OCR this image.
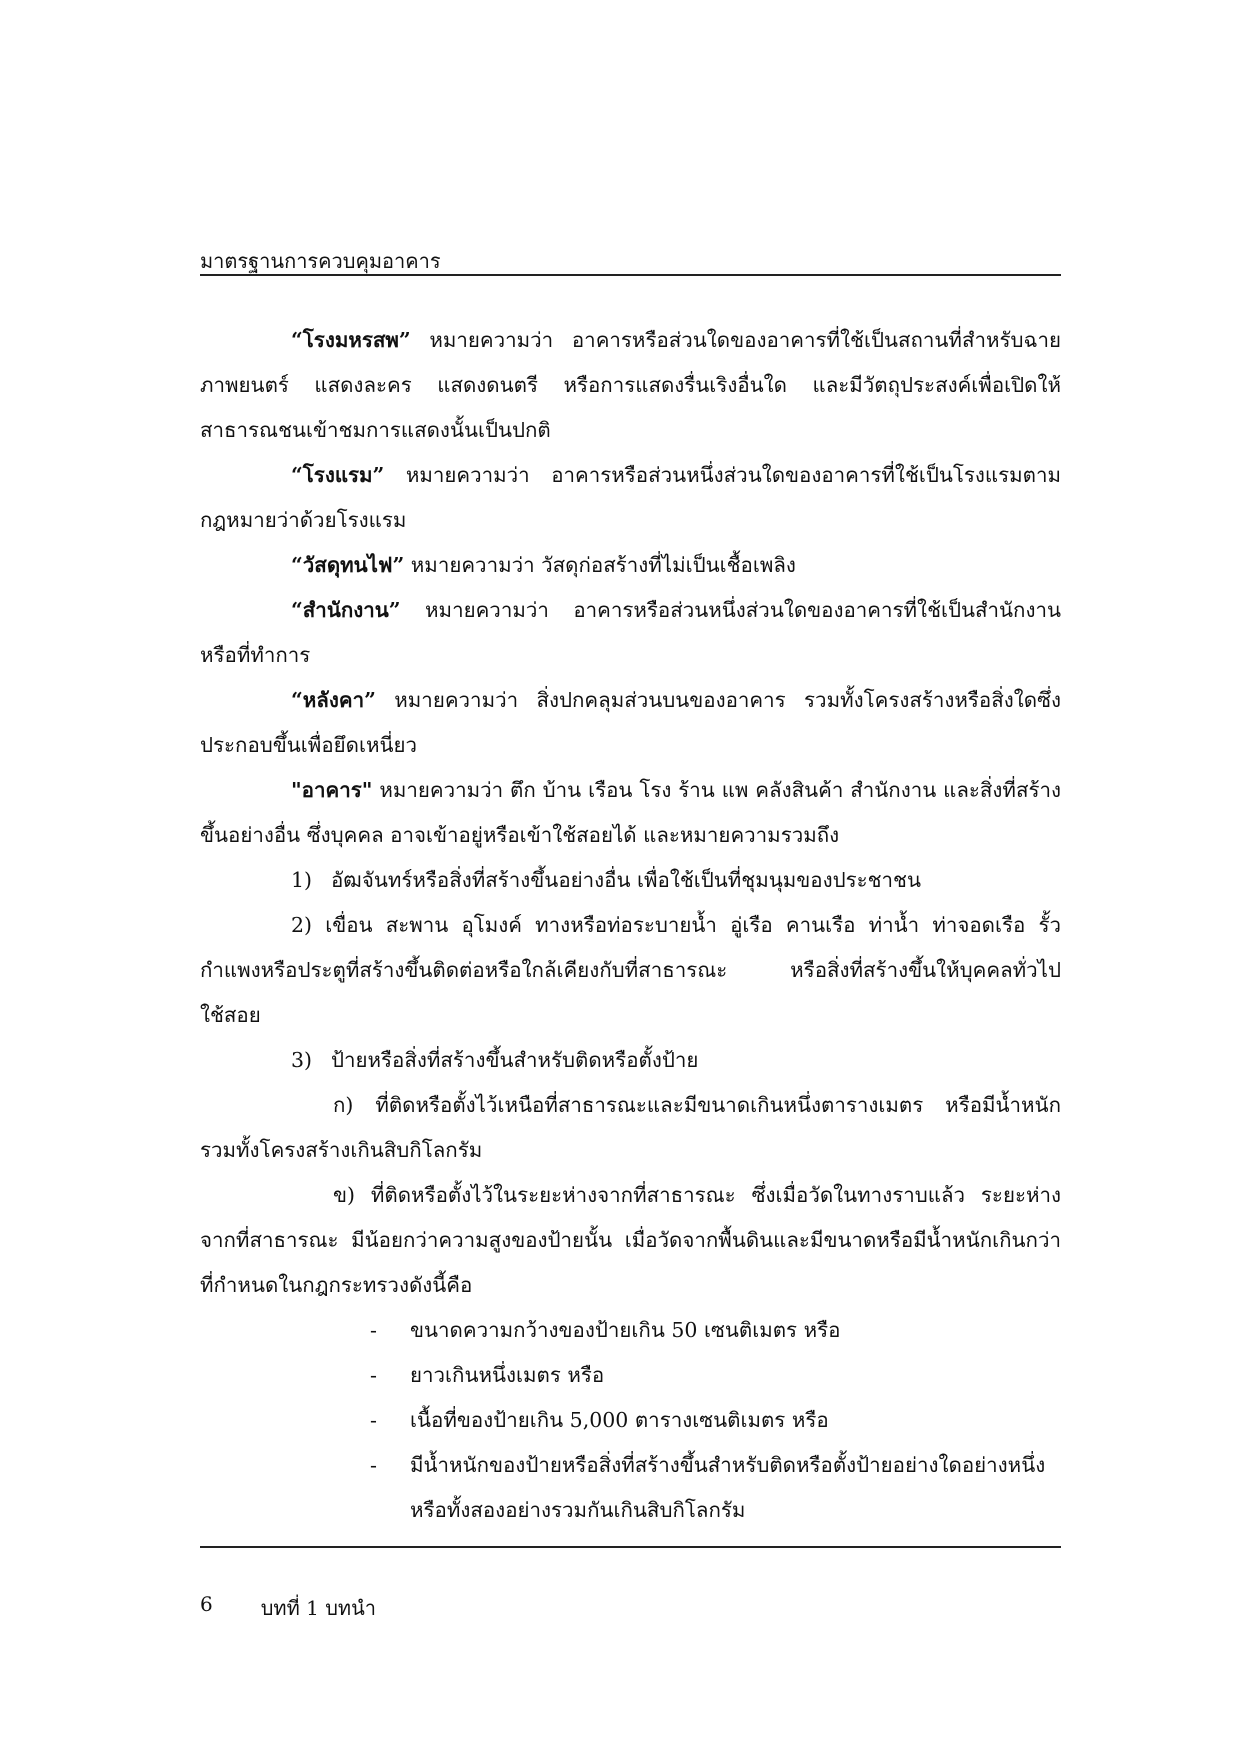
มาตรฐานการควบคุมอาคาร

“โรงมหรสพ” หมายความว่า อาคารหรือส่วนใดของอาคารที่ใช้เป็นสถานที่สำหรับฉายภาพยนตร์ แสดงละคร แสดงดนตรี หรือการแสดงรื่นเริงอื่นใด และมีวัตถุประสงค์เพื่อเปิดให้สาธารณชนเข้าชมการแสดงนั้นเป็นปกติ

“โรงแรม” หมายความว่า อาคารหรือส่วนหนึ่งส่วนใดของอาคารที่ใช้เป็นโรงแรมตามกฎหมายว่าด้วยโรงแรม

“วัสดุทนไฟ” หมายความว่า วัสดุก่อสร้างที่ไม่เป็นเชื้อเพลิง

“สำนักงาน” หมายความว่า อาคารหรือส่วนหนึ่งส่วนใดของอาคารที่ใช้เป็นสำนักงานหรือที่ทำการ

“หลังคา” หมายความว่า สิ่งปกคลุมส่วนบนของอาคาร รวมทั้งโครงสร้างหรือสิ่งใดซึ่งประกอบขึ้นเพื่อยึดเหนี่ยว

"อาคาร" หมายความว่า ตึก บ้าน เรือน โรง ร้าน แพ คลังสินค้า สำนักงาน และสิ่งที่สร้างขึ้นอย่างอื่น ซึ่งบุคคล อาจเข้าอยู่หรือเข้าใช้สอยได้ และหมายความรวมถึง

1) อัฒจันทร์หรือสิ่งที่สร้างขึ้นอย่างอื่น เพื่อใช้เป็นที่ชุมนุมของประชาชน

2) เขื่อน สะพาน อุโมงค์ ทางหรือท่อระบายน้ำ อู่เรือ คานเรือ ท่าน้ำ ท่าจอดเรือ รั้ว กำแพงหรือประตูที่สร้างขึ้นติดต่อหรือใกล้เคียงกับที่สาธารณะ หรือสิ่งที่สร้างขึ้นให้บุคคลทั่วไปใช้สอย

3) ป้ายหรือสิ่งที่สร้างขึ้นสำหรับติดหรือตั้งป้าย

ก) ที่ติดหรือตั้งไว้เหนือที่สาธารณะและมีขนาดเกินหนึ่งตารางเมตร หรือมีน้ำหนักรวมทั้งโครงสร้างเกินสิบกิโลกรัม

ข) ที่ติดหรือตั้งไว้ในระยะห่างจากที่สาธารณะ ซึ่งเมื่อวัดในทางราบแล้ว ระยะห่างจากที่สาธารณะ มีน้อยกว่าความสูงของป้ายนั้น เมื่อวัดจากพื้นดินและมีขนาดหรือมีน้ำหนักเกินกว่าที่กำหนดในกฎกระทรวงดังนี้คือ

- ขนาดความกว้างของป้ายเกิน 50 เซนติเมตร หรือ
- ยาวเกินหนึ่งเมตร หรือ
- เนื้อที่ของป้ายเกิน 5,000 ตารางเซนติเมตร หรือ
- มีน้ำหนักของป้ายหรือสิ่งที่สร้างขึ้นสำหรับติดหรือตั้งป้ายอย่างใดอย่างหนึ่งหรือทั้งสองอย่างรวมกันเกินสิบกิโลกรัม
6 บทที่ 1 บทนำ
